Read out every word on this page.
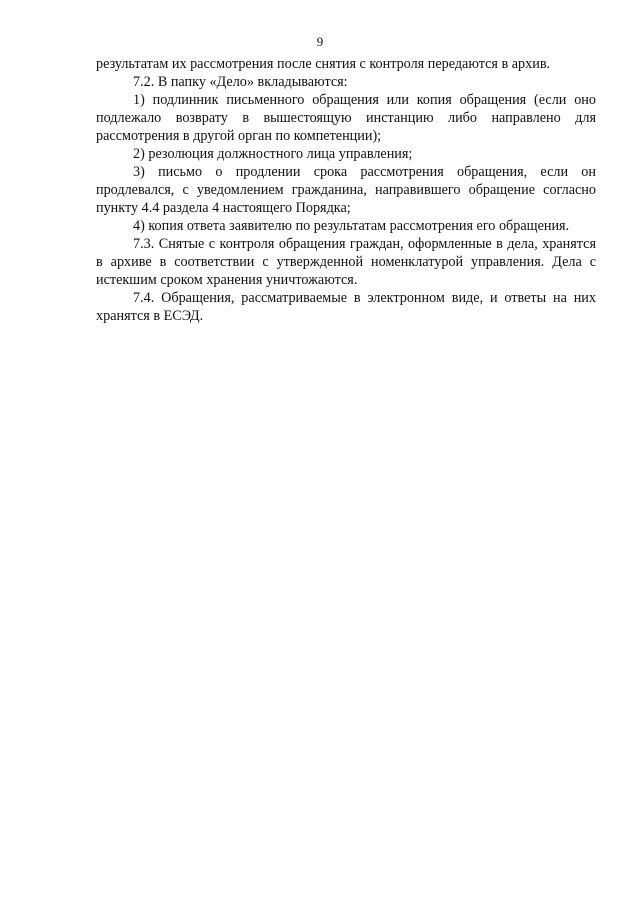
9

результатам их рассмотрения после снятия с контроля передаются в архив.

7.2. В папку «Дело» вкладываются:

1) подлинник письменного обращения или копия обращения (если оно подлежало возврату в вышестоящую инстанцию либо направлено для рассмотрения в другой орган по компетенции);

2) резолюция должностного лица управления;

3) письмо о продлении срока рассмотрения обращения, если он продлевался, с уведомлением гражданина, направившего обращение согласно пункту 4.4 раздела 4 настоящего Порядка;

4) копия ответа заявителю по результатам рассмотрения его обращения.

7.3. Снятые с контроля обращения граждан, оформленные в дела, хранятся в архиве в соответствии с утвержденной номенклатурой управления. Дела с истекшим сроком хранения уничтожаются.

7.4. Обращения, рассматриваемые в электронном виде, и ответы на них хранятся в ЕСЭД.
